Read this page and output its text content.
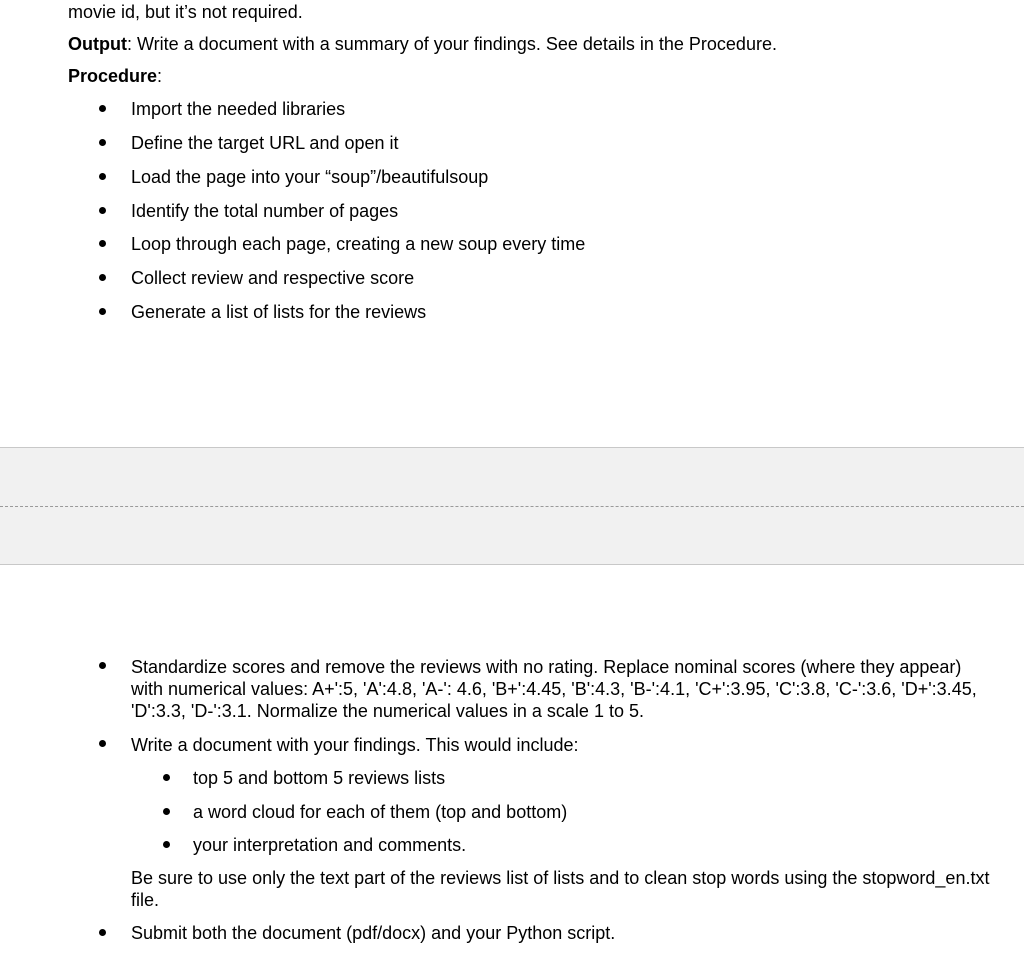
movie id, but it’s not required.
Output: Write a document with a summary of your findings. See details in the Procedure.
Procedure:
Import the needed libraries
Define the target URL and open it
Load the page into your “soup”/beautifulsoup
Identify the total number of pages
Loop through each page, creating a new soup every time
Collect review and respective score
Generate a list of lists for the reviews
Standardize scores and remove the reviews with no rating. Replace nominal scores (where they appear) with numerical values: A+':5, 'A':4.8, 'A-': 4.6, 'B+':4.45, 'B':4.3, 'B-':4.1, 'C+':3.95, 'C':3.8, 'C-':3.6, 'D+':3.45, 'D':3.3, 'D-':3.1. Normalize the numerical values in a scale 1 to 5.
Write a document with your findings. This would include:
top 5 and bottom 5 reviews lists
a word cloud for each of them (top and bottom)
your interpretation and comments.
Be sure to use only the text part of the reviews list of lists and to clean stop words using the stopword_en.txt file.
Submit both the document (pdf/docx) and your Python script.
